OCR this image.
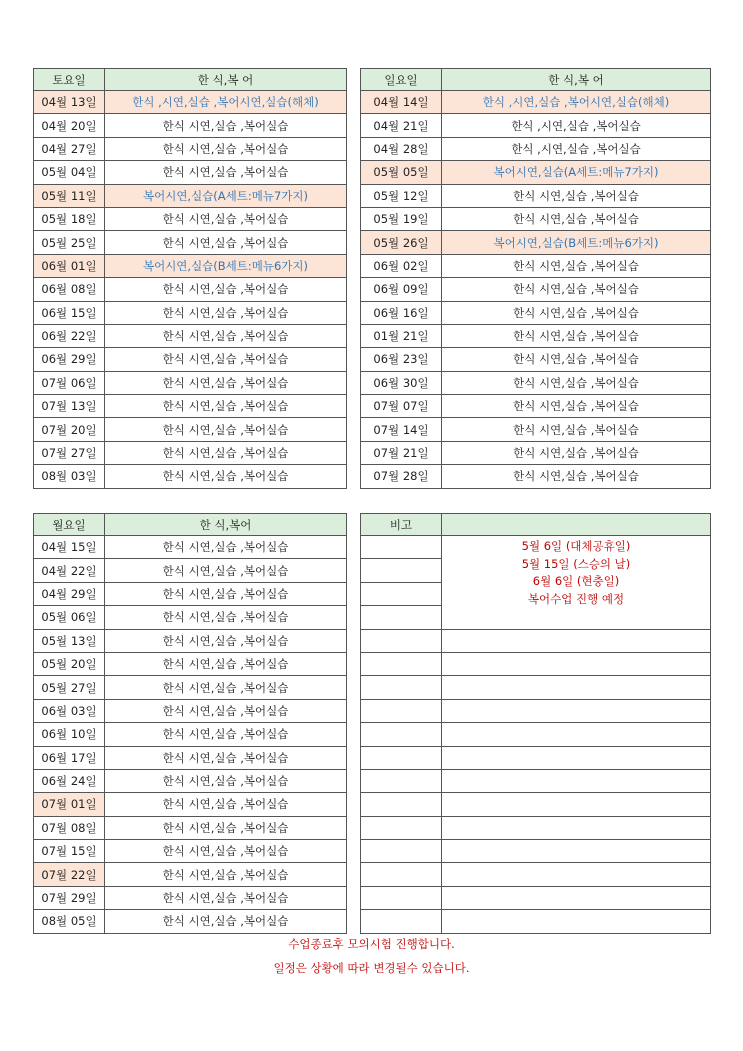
토요일	한 식,복 어
04월 13일	한식 ,시연,실습 ,복어시연,실습(해체)
04월 20일	한식 시연,실습 ,복어실습
04월 27일	한식 시연,실습 ,복어실습
05월 04일	한식 시연,실습 ,복어실습
05월 11일	복어시연,실습(A세트:메뉴7가지)
05월 18일	한식 시연,실습 ,복어실습
05월 25일	한식 시연,실습 ,복어실습
06월 01일	복어시연,실습(B세트:메뉴6가지)
06월 08일	한식 시연,실습 ,복어실습
06월 15일	한식 시연,실습 ,복어실습
06월 22일	한식 시연,실습 ,복어실습
06월 29일	한식 시연,실습 ,복어실습
07월 06일	한식 시연,실습 ,복어실습
07월 13일	한식 시연,실습 ,복어실습
07월 20일	한식 시연,실습 ,복어실습
07월 27일	한식 시연,실습 ,복어실습
08월 03일	한식 시연,실습 ,복어실습
일요일	한 식,복 어
04월 14일	한식 ,시연,실습 ,복어시연,실습(해체)
04월 21일	한식 ,시연,실습 ,복어실습
04월 28일	한식 ,시연,실습 ,복어실습
05월 05일	복어시연,실습(A세트:메뉴7가지)
05월 12일	한식 시연,실습 ,복어실습
05월 19일	한식 시연,실습 ,복어실습
05월 26일	복어시연,실습(B세트:메뉴6가지)
06월 02일	한식 시연,실습 ,복어실습
06월 09일	한식 시연,실습 ,복어실습
06월 16일	한식 시연,실습 ,복어실습
01월 21일	한식 시연,실습 ,복어실습
06월 23일	한식 시연,실습 ,복어실습
06월 30일	한식 시연,실습 ,복어실습
07월 07일	한식 시연,실습 ,복어실습
07월 14일	한식 시연,실습 ,복어실습
07월 21일	한식 시연,실습 ,복어실습
07월 28일	한식 시연,실습 ,복어실습
월요일	한 식,복어
04월 15일	한식 시연,실습 ,복어실습
04월 22일	한식 시연,실습 ,복어실습
04월 29일	한식 시연,실습 ,복어실습
05월 06일	한식 시연,실습 ,복어실습
05월 13일	한식 시연,실습 ,복어실습
05월 20일	한식 시연,실습 ,복어실습
05월 27일	한식 시연,실습 ,복어실습
06월 03일	한식 시연,실습 ,복어실습
06월 10일	한식 시연,실습 ,복어실습
06월 17일	한식 시연,실습 ,복어실습
06월 24일	한식 시연,실습 ,복어실습
07월 01일	한식 시연,실습 ,복어실습
07월 08일	한식 시연,실습 ,복어실습
07월 15일	한식 시연,실습 ,복어실습
07월 22일	한식 시연,실습 ,복어실습
07월 29일	한식 시연,실습 ,복어실습
08월 05일	한식 시연,실습 ,복어실습
비고	

	5월 6일 (대체공휴일)
5월 15일 (스승의 날)
6월 6일 (현충일)
복어수업 진행 예정

수업종료후 모의시험 진행합니다.
일정은 상황에 따라 변경될수 있습니다.
